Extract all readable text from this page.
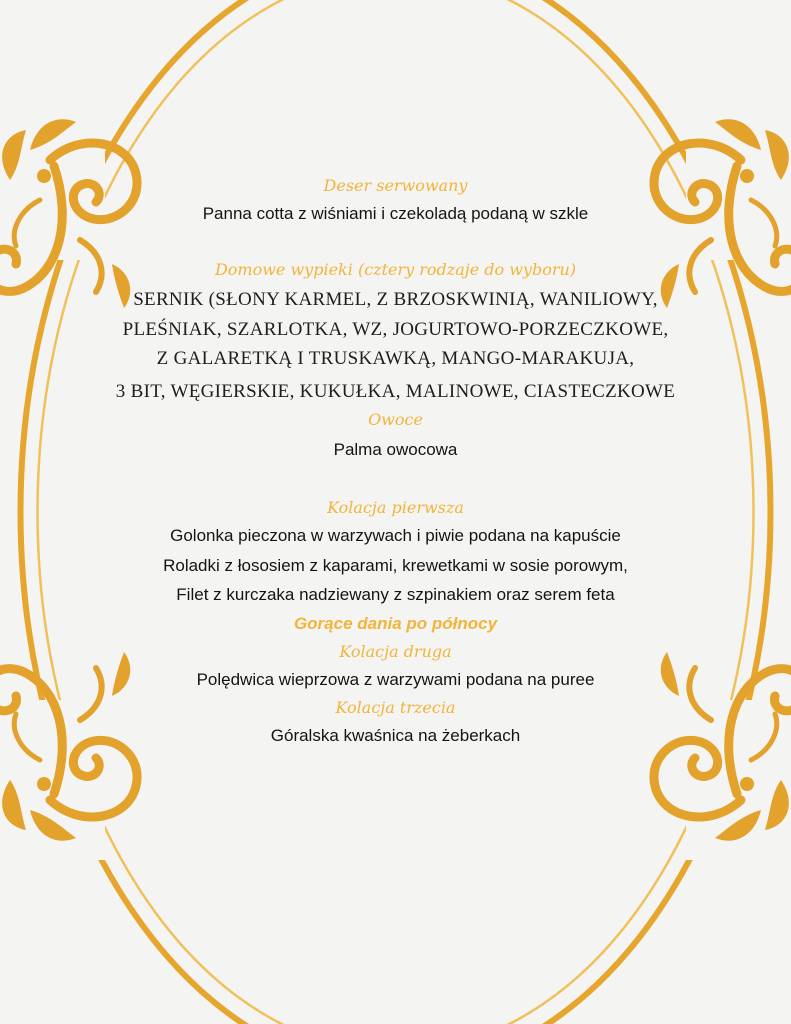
Deser serwowany
Panna cotta z wiśniami i czekoladą podaną w szkle
Domowe wypieki (cztery rodzaje do wyboru)
SERNIK (SŁONY KARMEL, Z BRZOSKWINIĄ, WANILIOWY,
PLEŚNIAK, SZARLOTKA, WZ, JOGURTOWO-PORZECZKOWE,
Z GALARETKĄ I TRUSKAWKĄ, MANGO-MARAKUJA,
3 BIT, WĘGIERSKIE, KUKUŁKA, MALINOWE, CIASTECZKOWE
Owoce
Palma owocowa
Kolacja pierwsza
Golonka pieczona w warzywach i piwie podana na kapuście
Roladki z łososiem z kaparami, krewetkami w sosie porowym,
Filet z kurczaka nadziewany z szpinakiem oraz serem feta
Gorące dania po północy
Kolacja druga
Polędwica wieprzowa z warzywami podana na puree
Kolacja trzecia
Góralska kwaśnica na żeberkach
